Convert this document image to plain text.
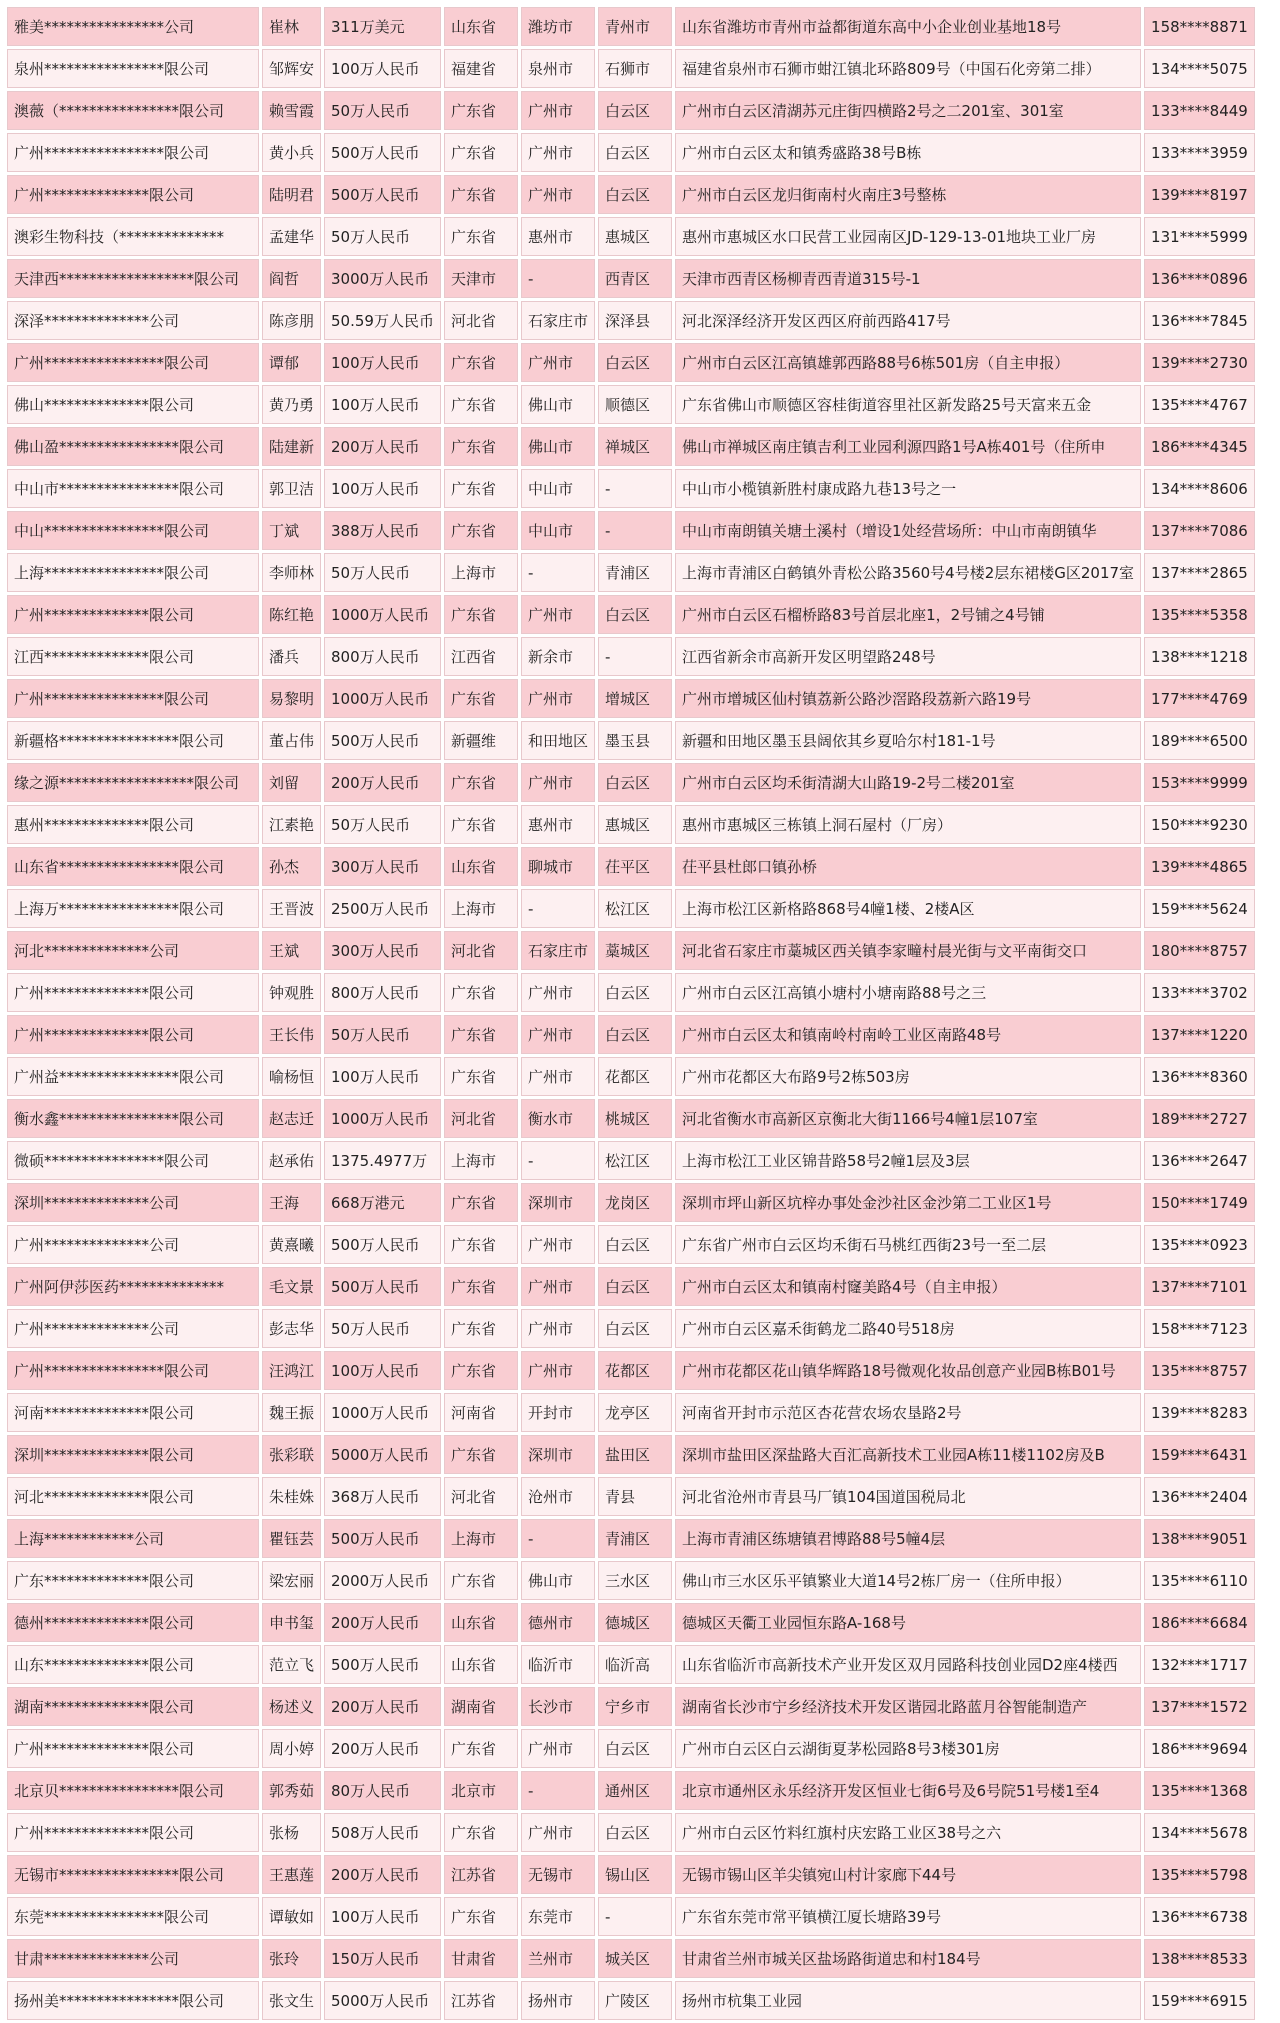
雅美****************公司	崔林	311万美元	山东省	潍坊市	青州市	山东省潍坊市青州市益都街道东高中小企业创业基地18号	158****8871
泉州****************限公司	邹辉安	100万人民币	福建省	泉州市	石狮市	福建省泉州市石狮市蚶江镇北环路809号（中国石化旁第二排）	134****5075
澳薇（****************限公司	赖雪霞	50万人民币	广东省	广州市	白云区	广州市白云区清湖苏元庄街四横路2号之二201室、301室	133****8449
广州****************限公司	黄小兵	500万人民币	广东省	广州市	白云区	广州市白云区太和镇秀盛路38号B栋	133****3959
广州**************限公司	陆明君	500万人民币	广东省	广州市	白云区	广州市白云区龙归街南村火南庄3号整栋	139****8197
澳彩生物科技（**************	孟建华	50万人民币	广东省	惠州市	惠城区	惠州市惠城区水口民营工业园南区JD-129-13-01地块工业厂房	131****5999
天津西******************限公司	阎哲	3000万人民币	天津市	-	西青区	天津市西青区杨柳青西青道315号-1	136****0896
深泽**************公司	陈彦朋	50.59万人民币	河北省	石家庄市	深泽县	河北深泽经济开发区西区府前西路417号	136****7845
广州****************限公司	谭郁	100万人民币	广东省	广州市	白云区	广州市白云区江高镇雄郭西路88号6栋501房（自主申报）	139****2730
佛山**************限公司	黄乃勇	100万人民币	广东省	佛山市	顺德区	广东省佛山市顺德区容桂街道容里社区新发路25号天富来五金	135****4767
佛山盈****************限公司	陆建新	200万人民币	广东省	佛山市	禅城区	佛山市禅城区南庄镇吉利工业园利源四路1号A栋401号（住所申	186****4345
中山市****************限公司	郭卫洁	100万人民币	广东省	中山市	-	中山市小榄镇新胜村康成路九巷13号之一	134****8606
中山****************限公司	丁斌	388万人民币	广东省	中山市	-	中山市南朗镇关塘土溪村（增设1处经营场所：中山市南朗镇华	137****7086
上海****************限公司	李师林	50万人民币	上海市	-	青浦区	上海市青浦区白鹤镇外青松公路3560号4号楼2层东裙楼G区2017室	137****2865
广州**************限公司	陈红艳	1000万人民币	广东省	广州市	白云区	广州市白云区石榴桥路83号首层北座1，2号铺之4号铺	135****5358
江西**************限公司	潘兵	800万人民币	江西省	新余市	-	江西省新余市高新开发区明望路248号	138****1218
广州****************限公司	易黎明	1000万人民币	广东省	广州市	增城区	广州市增城区仙村镇荔新公路沙滘路段荔新六路19号	177****4769
新疆格****************限公司	董占伟	500万人民币	新疆维	和田地区	墨玉县	新疆和田地区墨玉县阔依其乡夏哈尔村181-1号	189****6500
缘之源******************限公司	刘留	200万人民币	广东省	广州市	白云区	广州市白云区均禾街清湖大山路19-2号二楼201室	153****9999
惠州**************限公司	江素艳	50万人民币	广东省	惠州市	惠城区	惠州市惠城区三栋镇上洞石屋村（厂房）	150****9230
山东省****************限公司	孙杰	300万人民币	山东省	聊城市	茌平区	茌平县杜郎口镇孙桥	139****4865
上海万****************限公司	王晋波	2500万人民币	上海市	-	松江区	上海市松江区新格路868号4幢1楼、2楼A区	159****5624
河北**************公司	王斌	300万人民币	河北省	石家庄市	藁城区	河北省石家庄市藁城区西关镇李家疃村晨光街与文平南街交口	180****8757
广州**************限公司	钟观胜	800万人民币	广东省	广州市	白云区	广州市白云区江高镇小塘村小塘南路88号之三	133****3702
广州**************限公司	王长伟	50万人民币	广东省	广州市	白云区	广州市白云区太和镇南岭村南岭工业区南路48号	137****1220
广州益****************限公司	喻杨恒	100万人民币	广东省	广州市	花都区	广州市花都区大布路9号2栋503房	136****8360
衡水鑫****************限公司	赵志迁	1000万人民币	河北省	衡水市	桃城区	河北省衡水市高新区京衡北大街1166号4幢1层107室	189****2727
微硕****************限公司	赵承佑	1375.4977万	上海市	-	松江区	上海市松江工业区锦昔路58号2幢1层及3层	136****2647
深圳**************公司	王海	668万港元	广东省	深圳市	龙岗区	深圳市坪山新区坑梓办事处金沙社区金沙第二工业区1号	150****1749
广州**************公司	黄熹曦	500万人民币	广东省	广州市	白云区	广东省广州市白云区均禾街石马桃红西街23号一至二层	135****0923
广州阿伊莎医药**************	毛文景	500万人民币	广东省	广州市	白云区	广州市白云区太和镇南村窿美路4号（自主申报）	137****7101
广州**************公司	彭志华	50万人民币	广东省	广州市	白云区	广州市白云区嘉禾街鹤龙二路40号518房	158****7123
广州****************限公司	汪鸿江	100万人民币	广东省	广州市	花都区	广州市花都区花山镇华辉路18号微观化妆品创意产业园B栋B01号	135****8757
河南**************限公司	魏王振	1000万人民币	河南省	开封市	龙亭区	河南省开封市示范区杏花营农场农垦路2号	139****8283
深圳**************限公司	张彩联	5000万人民币	广东省	深圳市	盐田区	深圳市盐田区深盐路大百汇高新技术工业园A栋11楼1102房及B	159****6431
河北**************限公司	朱桂姝	368万人民币	河北省	沧州市	青县	河北省沧州市青县马厂镇104国道国税局北	136****2404
上海************公司	瞿钰芸	500万人民币	上海市	-	青浦区	上海市青浦区练塘镇君博路88号5幢4层	138****9051
广东**************限公司	梁宏丽	2000万人民币	广东省	佛山市	三水区	佛山市三水区乐平镇繁业大道14号2栋厂房一（住所申报）	135****6110
德州**************限公司	申书玺	200万人民币	山东省	德州市	德城区	德城区天衢工业园恒东路A-168号	186****6684
山东**************限公司	范立飞	500万人民币	山东省	临沂市	临沂高	山东省临沂市高新技术产业开发区双月园路科技创业园D2座4楼西	132****1717
湖南**************限公司	杨述义	200万人民币	湖南省	长沙市	宁乡市	湖南省长沙市宁乡经济技术开发区谐园北路蓝月谷智能制造产	137****1572
广州**************限公司	周小婷	200万人民币	广东省	广州市	白云区	广州市白云区白云湖街夏茅松园路8号3楼301房	186****9694
北京贝****************限公司	郭秀茹	80万人民币	北京市	-	通州区	北京市通州区永乐经济开发区恒业七街6号及6号院51号楼1至4	135****1368
广州**************限公司	张杨	508万人民币	广东省	广州市	白云区	广州市白云区竹料红旗村庆宏路工业区38号之六	134****5678
无锡市****************限公司	王惠莲	200万人民币	江苏省	无锡市	锡山区	无锡市锡山区羊尖镇宛山村计家廊下44号	135****5798
东莞****************限公司	谭敏如	100万人民币	广东省	东莞市	-	广东省东莞市常平镇横江厦长塘路39号	136****6738
甘肃**************公司	张玲	150万人民币	甘肃省	兰州市	城关区	甘肃省兰州市城关区盐场路街道忠和村184号	138****8533
扬州美****************限公司	张文生	5000万人民币	江苏省	扬州市	广陵区	扬州市杭集工业园	159****6915
